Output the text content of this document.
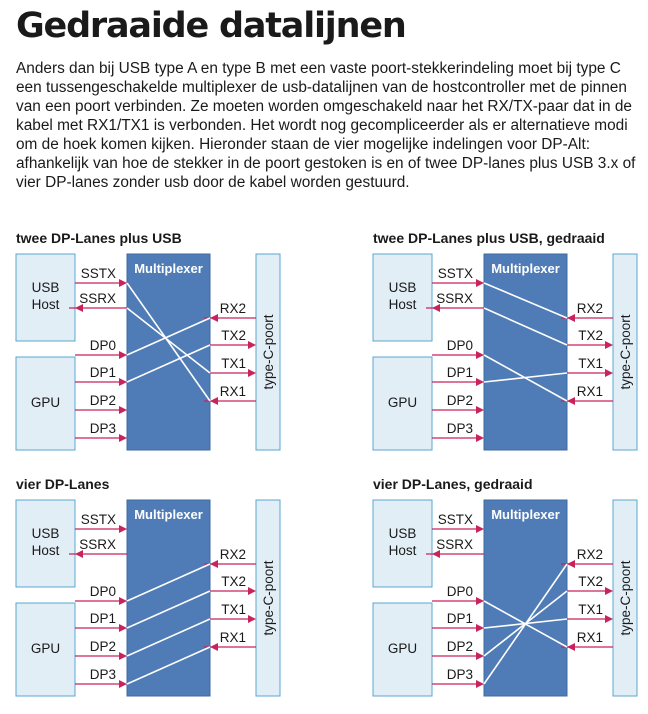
Gedraaide datalijnen
Anders dan bij USB type A en type B met een vaste poort-stekkerindeling moet bij type C een tussengeschakelde multiplexer de usb-datalijnen van de hostcontroller met de pinnen van een poort verbinden. Ze moeten worden omgeschakeld naar het RX/TX-paar dat in de kabel met RX1/TX1 is verbonden. Het wordt nog gecompliceerder als er alternatieve modi om de hoek komen kijken. Hieronder staan de vier mogelijke indelingen voor DP-Alt: afhankelijk van hoe de stekker in de poort gestoken is en of twee DP-lanes plus USB 3.x of vier DP-lanes zonder usb door de kabel worden gestuurd.
twee DP-Lanes plus USB	twee DP-Lanes plus USB, gedraaid
vier DP-Lanes	vier DP-Lanes, gedraaid
Multiplexer
USB
Host
GPU
type-C-poort
SSTX
SSRX
DP0
DP1
DP2
DP3
RX2
TX2
TX1
RX1
Multiplexer
USB
Host
GPU
type-C-poort
SSTX
SSRX
DP0
DP1
DP2
DP3
RX2
TX2
TX1
RX1
Multiplexer
USB
Host
GPU
type-C-poort
SSTX
SSRX
DP0
DP1
DP2
DP3
RX2
TX2
TX1
RX1
Multiplexer
USB
Host
GPU
type-C-poort
SSTX
SSRX
DP0
DP1
DP2
DP3
RX2
TX2
TX1
RX1
